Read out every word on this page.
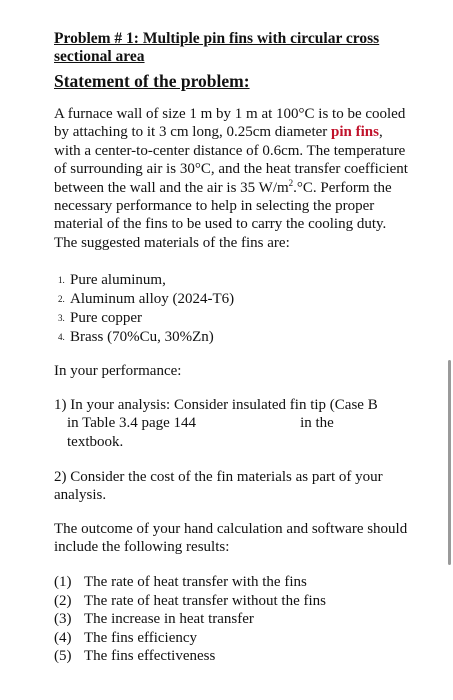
Problem # 1: Multiple pin fins with circular cross
sectional area

Statement of the problem:

A furnace wall of size 1 m by 1 m at 100°C is to be cooled by attaching to it 3 cm long, 0.25cm diameter pin fins, with a center-to-center distance of 0.6cm. The temperature of surrounding air is 30°C, and the heat transfer coefficient between the wall and the air is 35 $W/m^2.^\circ C$. Perform the necessary performance to help in selecting the proper material of the fins to be used to carry the cooling duty. The suggested materials of the fins are:

1. Pure aluminum,
2. Aluminum alloy (2024-T6)
3. Pure copper
4. Brass (70%Cu, 30%Zn)

In your performance:

1) In your analysis: Consider insulated fin tip (Case B
in Table 3.4 page 144	in the
textbook.

2) Consider the cost of the fin materials as part of your analysis.

The outcome of your hand calculation and software should include the following results:

(1) The rate of heat transfer with the fins
(2) The rate of heat transfer without the fins
(3) The increase in heat transfer
(4) The fins efficiency
(5) The fins effectiveness
